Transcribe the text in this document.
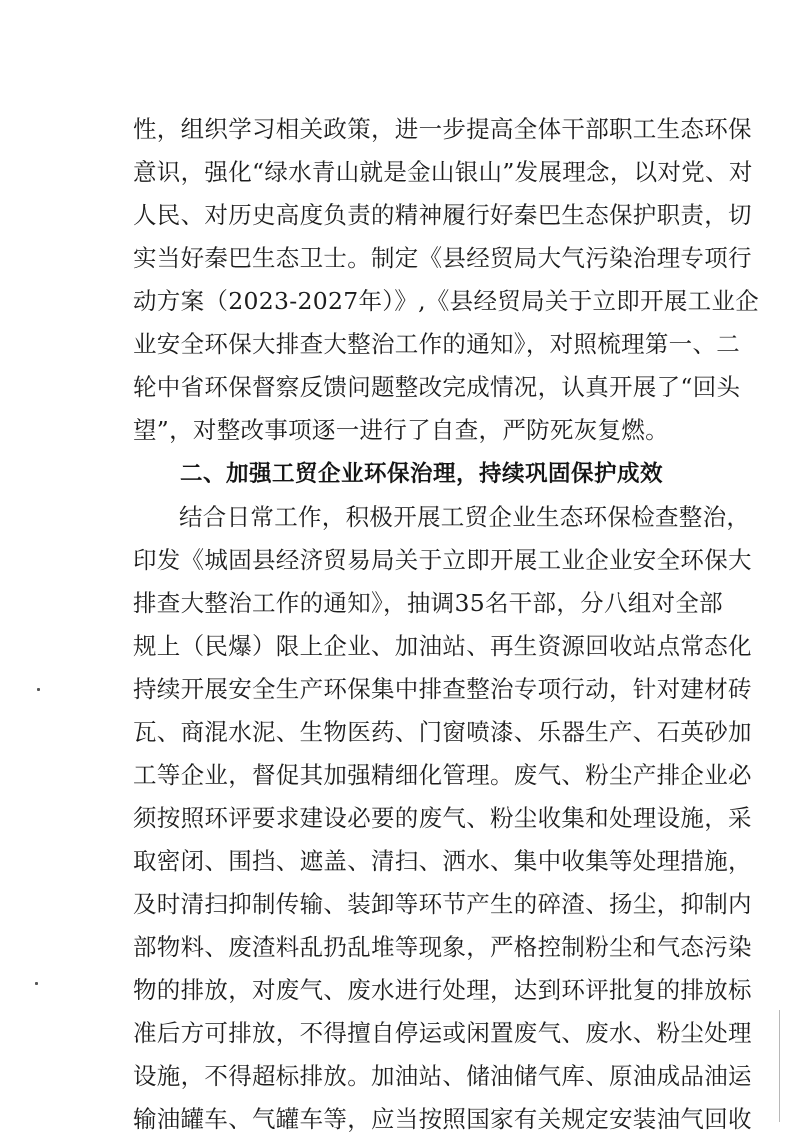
性，组织学习相关政策，进一步提高全体干部职工生态环保
意识，强化“绿水青山就是金山银山”发展理念，以对党、对
人民、对历史高度负责的精神履行好秦巴生态保护职责，切
实当好秦巴生态卫士。制定《县经贸局大气污染治理专项行
动方案（2023-2027年）》,《县经贸局关于立即开展工业企
业安全环保大排查大整治工作的通知》，对照梳理第一、二
轮中省环保督察反馈问题整改完成情况，认真开展了“回头
望”，对整改事项逐一进行了自查，严防死灰复燃。
二、加强工贸企业环保治理，持续巩固保护成效
结合日常工作，积极开展工贸企业生态环保检查整治，
印发《城固县经济贸易局关于立即开展工业企业安全环保大
排查大整治工作的通知》，抽调35名干部，分八组对全部
规上（民爆）限上企业、加油站、再生资源回收站点常态化
持续开展安全生产环保集中排查整治专项行动，针对建材砖
瓦、商混水泥、生物医药、门窗喷漆、乐器生产、石英砂加
工等企业，督促其加强精细化管理。废气、粉尘产排企业必
须按照环评要求建设必要的废气、粉尘收集和处理设施，采
取密闭、围挡、遮盖、清扫、洒水、集中收集等处理措施，
及时清扫抑制传输、装卸等环节产生的碎渣、扬尘，抑制内
部物料、废渣料乱扔乱堆等现象，严格控制粉尘和气态污染
物的排放，对废气、废水进行处理，达到环评批复的排放标
准后方可排放，不得擅自停运或闲置废气、废水、粉尘处理
设施，不得超标排放。加油站、储油储气库、原油成品油运
输油罐车、气罐车等，应当按照国家有关规定安装油气回收
